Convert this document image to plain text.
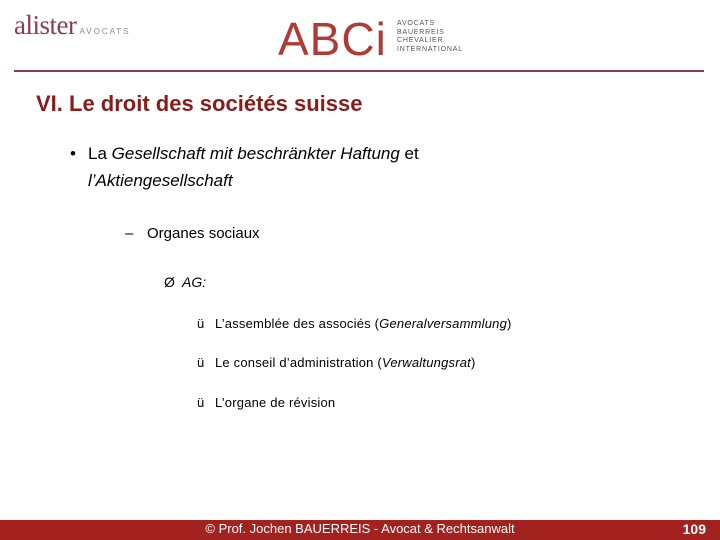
alister AVOCATS	ABCi AVOCATS
BAUERREIS
CHEVALIER
INTERNATIONAL
VI. Le droit des sociétés suisse
• La Gesellschaft mit beschränkter Haftung et
l’Aktiengesellschaft
– Organes sociaux
Ø AG:
ü L’assemblée des associés (Generalversammlung)
ü Le conseil d’administration (Verwaltungsrat)
ü L’organe de révision
© Prof. Jochen BAUERREIS - Avocat & Rechtsanwalt	109
